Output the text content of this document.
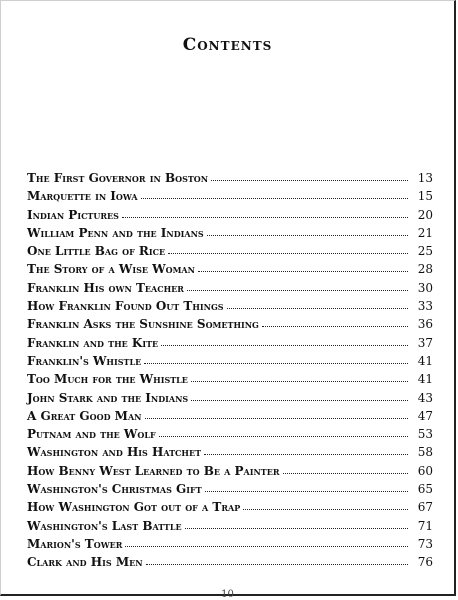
Contents
The First Governor in Boston	13
Marquette in Iowa	15
Indian Pictures	20
William Penn and the Indians	21
One Little Bag of Rice	25
The Story of a Wise Woman	28
Franklin His own Teacher	30
How Franklin Found Out Things	33
Franklin Asks the Sunshine Something	36
Franklin and the Kite	37
Franklin's Whistle	41
Too Much for the Whistle	41
John Stark and the Indians	43
A Great Good Man	47
Putnam and the Wolf	53
Washington and His Hatchet	58
How Benny West Learned to Be a Painter	60
Washington's Christmas Gift	65
How Washington Got out of a Trap	67
Washington's Last Battle	71
Marion's Tower	73
Clark and His Men	76
10
